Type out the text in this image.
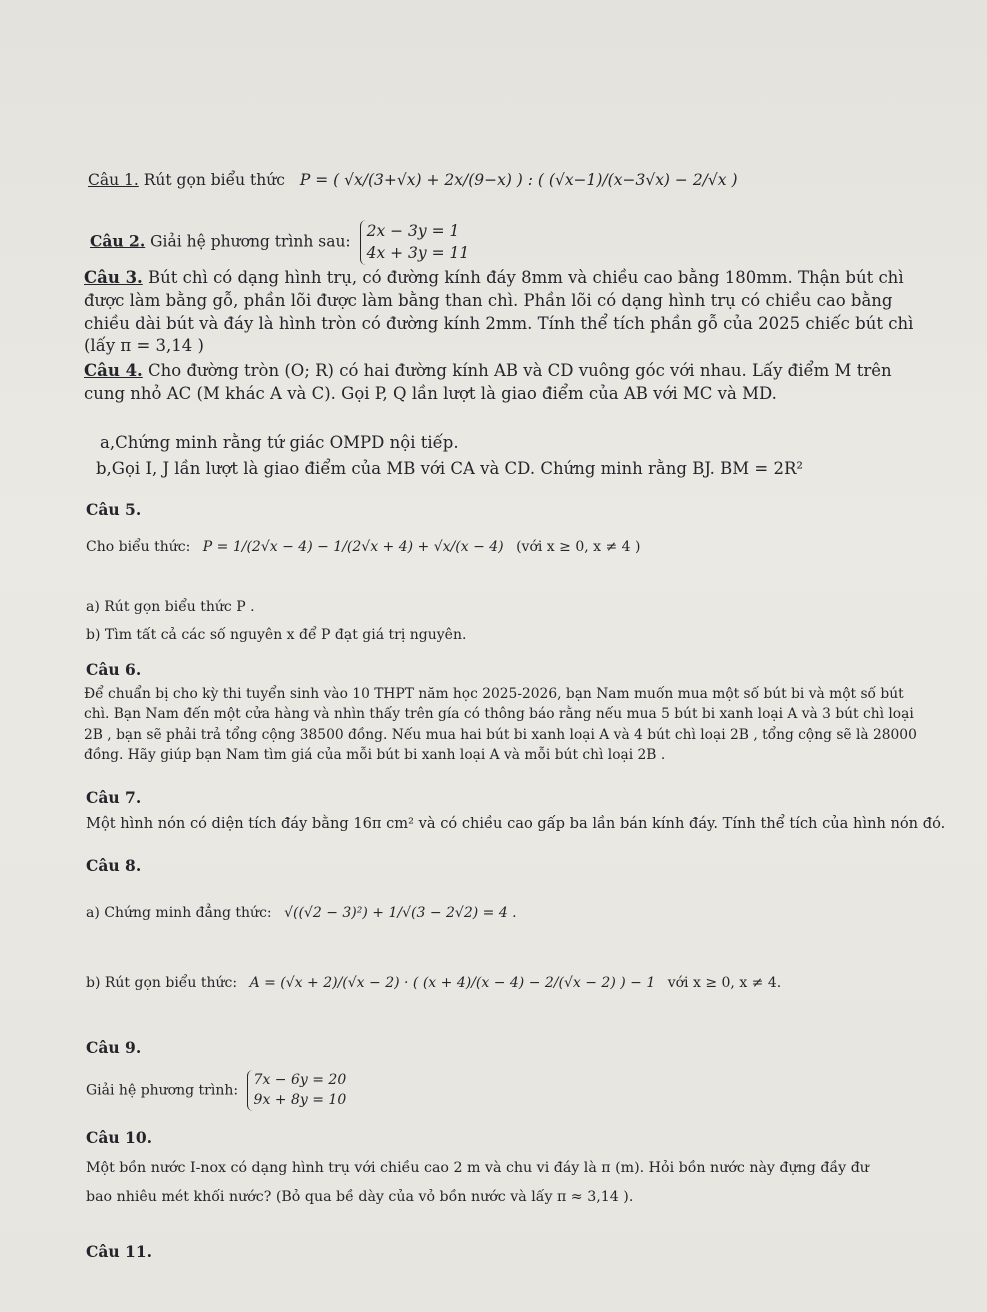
Câu 1. Rút gọn biểu thức P = ( √x/(3+√x) + 2x/(9−x) ) : ( (√x−1)/(x−3√x) − 2/√x )
Câu 2. Giải hệ phương trình sau: 2x − 3y = 1
4x + 3y = 11
Câu 3. Bút chì có dạng hình trụ, có đường kính đáy 8mm và chiều cao bằng 180mm. Thận bút chì
được làm bằng gỗ, phần lõi được làm bằng than chì. Phần lõi có dạng hình trụ có chiều cao bằng
chiều dài bút và đáy là hình tròn có đường kính 2mm. Tính thể tích phần gỗ của 2025 chiếc bút chì
(lấy π = 3,14 )
Câu 4. Cho đường tròn (O; R) có hai đường kính AB và CD vuông góc với nhau. Lấy điểm M trên
cung nhỏ AC (M khác A và C). Gọi P, Q lần lượt là giao điểm của AB với MC và MD.
a,Chứng minh rằng tứ giác OMPD nội tiếp.
b,Gọi I, J lần lượt là giao điểm của MB với CA và CD. Chứng minh rằng BJ. BM = 2R²
Câu 5.
Cho biểu thức: P = 1/(2√x − 4) − 1/(2√x + 4) + √x/(x − 4) (với x ≥ 0, x ≠ 4 )
a) Rút gọn biểu thức P .
b) Tìm tất cả các số nguyên x để P đạt giá trị nguyên.
Câu 6.
Để chuẩn bị cho kỳ thi tuyển sinh vào 10 THPT năm học 2025-2026, bạn Nam muốn mua một số bút bi và một số bút
chì. Bạn Nam đến một cửa hàng và nhìn thấy trên gía có thông báo rằng nếu mua 5 bút bi xanh loại A và 3 bút chì loại
2B , bạn sẽ phải trả tổng cộng 38500 đồng. Nếu mua hai bút bi xanh loại A và 4 bút chì loại 2B , tổng cộng sẽ là 28000
đồng. Hãy giúp bạn Nam tìm giá của mỗi bút bi xanh loại A và mỗi bút chì loại 2B .
Câu 7.
Một hình nón có diện tích đáy bằng 16π cm² và có chiều cao gấp ba lần bán kính đáy. Tính thể tích của hình nón đó.
Câu 8.
a) Chứng minh đẳng thức: √((√2 − 3)²) + 1/√(3 − 2√2) = 4 .
b) Rút gọn biểu thức: A = (√x + 2)/(√x − 2) · ( (x + 4)/(x − 4) − 2/(√x − 2) ) − 1 với x ≥ 0, x ≠ 4.
Câu 9.
Giải hệ phương trình: 7x − 6y = 20
9x + 8y = 10
Câu 10.
Một bồn nước I-nox có dạng hình trụ với chiều cao 2 m và chu vi đáy là π (m). Hỏi bồn nước này đựng đầy đư
bao nhiêu mét khối nước? (Bỏ qua bề dày của vỏ bồn nước và lấy π ≈ 3,14 ).
Câu 11.
